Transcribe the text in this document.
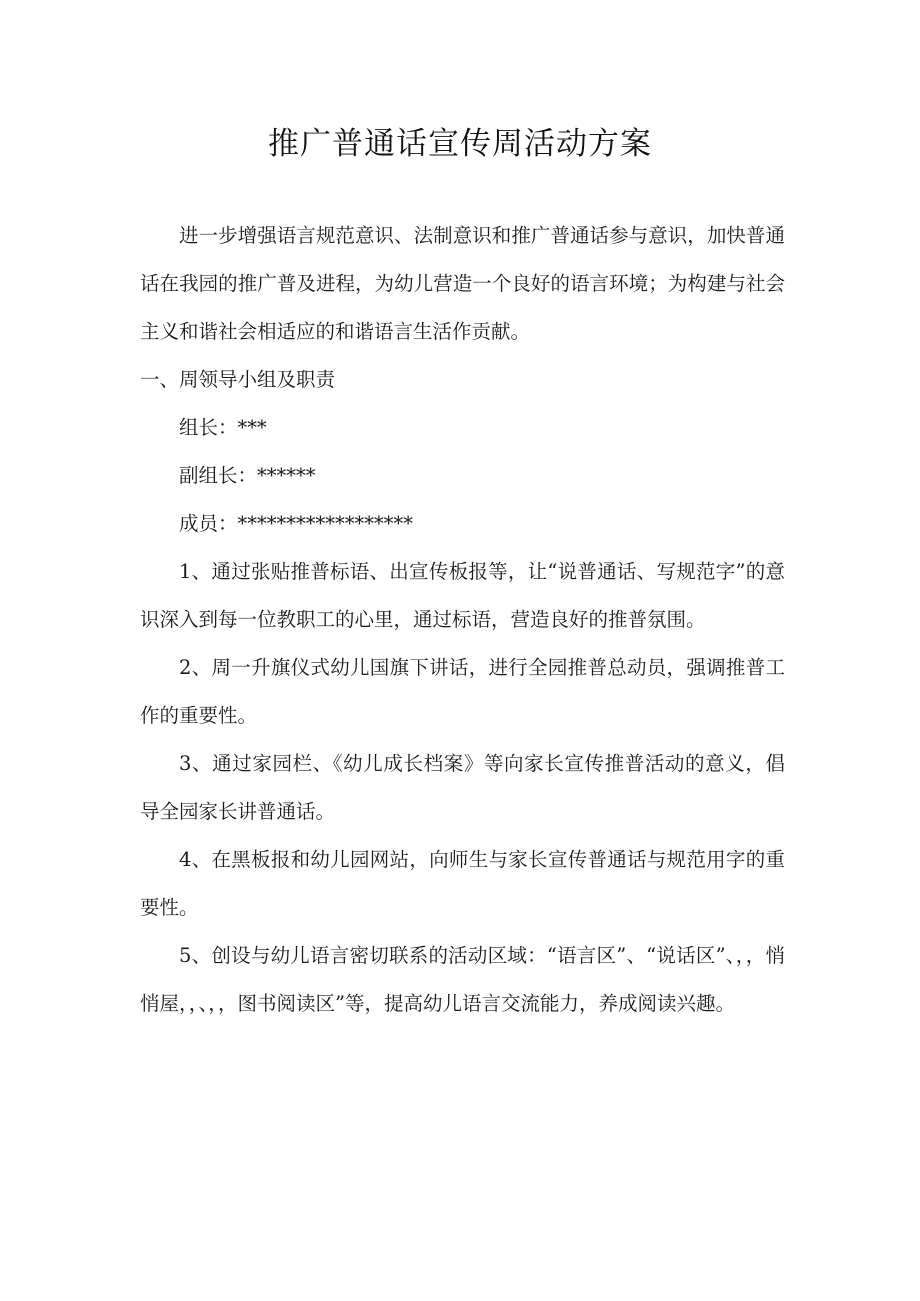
推广普通话宣传周活动方案

进一步增强语言规范意识、法制意识和推广普通话参与意识，加快普通话在我园的推广普及进程，为幼儿营造一个良好的语言环境；为构建与社会主义和谐社会相适应的和谐语言生活作贡献。

一、周领导小组及职责

组长：***

副组长：******

成员：******************

1、通过张贴推普标语、出宣传板报等，让“说普通话、写规范字”的意识深入到每一位教职工的心里，通过标语，营造良好的推普氛围。

2、周一升旗仪式幼儿国旗下讲话，进行全园推普总动员，强调推普工作的重要性。

3、通过家园栏、《幼儿成长档案》等向家长宣传推普活动的意义，倡导全园家长讲普通话。

4、在黑板报和幼儿园网站，向师生与家长宣传普通话与规范用字的重要性。

5、创设与幼儿语言密切联系的活动区域：“语言区”、“说话区”、，，悄悄屋，，、，，图书阅读区”等，提高幼儿语言交流能力，养成阅读兴趣。
